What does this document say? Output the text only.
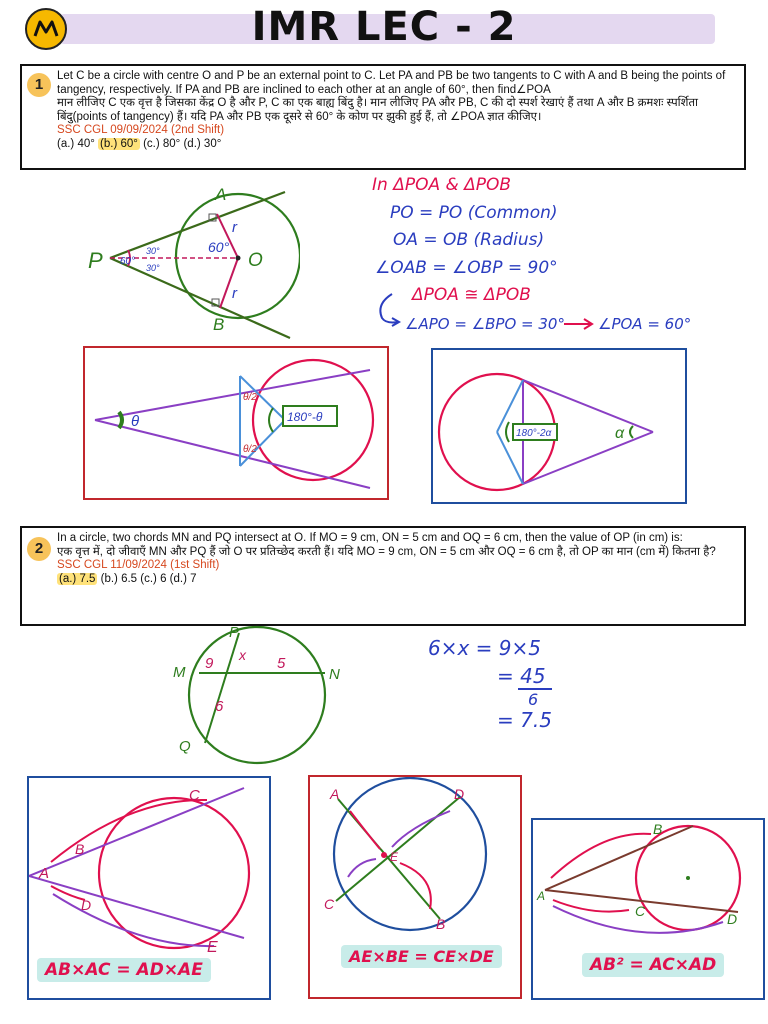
IMR LEC - 2
1	Let C be a circle with centre O and P be an external point to C. Let PA and PB be two tangents to C with A and B being the points of tangency, respectively. If PA and PB are inclined to each other at an angle of 60°, then find∠POA
मान लीजिए C एक वृत्त है जिसका केंद्र O है और P, C का एक बाह्य बिंदु है। मान लीजिए PA और PB, C की दो स्पर्श रेखाएं हैं तथा A और B क्रमशः स्पर्शिता बिंदु(points of tangency) हैं। यदि PA और PB एक दूसरे से 60° के कोण पर झुकी हुई हैं, तो ∠POA ज्ञात कीजिए।
SSC CGL 09/09/2024 (2nd Shift)
(a.) 40° (b.) 60° (c.) 80° (d.) 30°
P
A
B
O
r
r
60°
30°
30°
60°
In ΔPOA & ΔPOB
PO = PO (Common)
OA = OB (Radius)
∠OAB = ∠OBP = 90°
ΔPOA ≅ ΔPOB
∠APO = ∠BPO = 30° ∠POA = 60°
θ
θ/2
θ/2
180°-θ
α
180°-2α
2
In a circle, two chords MN and PQ intersect at O. If MO = 9 cm, ON = 5 cm and OQ = 6 cm, then the value of OP (in cm) is:
एक वृत्त में, दो जीवाएँ MN और PQ हैं जो O पर प्रतिच्छेद करती हैं। यदि MO = 9 cm, ON = 5 cm और OQ = 6 cm है, तो OP का मान (cm में) कितना है?
SSC CGL 11/09/2024 (1st Shift)
(a.) 7.5 (b.) 6.5 (c.) 6 (d.) 7
P
M	N
Q
9 x 5
6
6×x = 9×5
= 45
6
= 7.5
A
B
C
D
E
AB×AC = AD×AE
A	D
C
B
E
AE×BE = CE×DE
A
B
C	D
AB² = AC×AD
